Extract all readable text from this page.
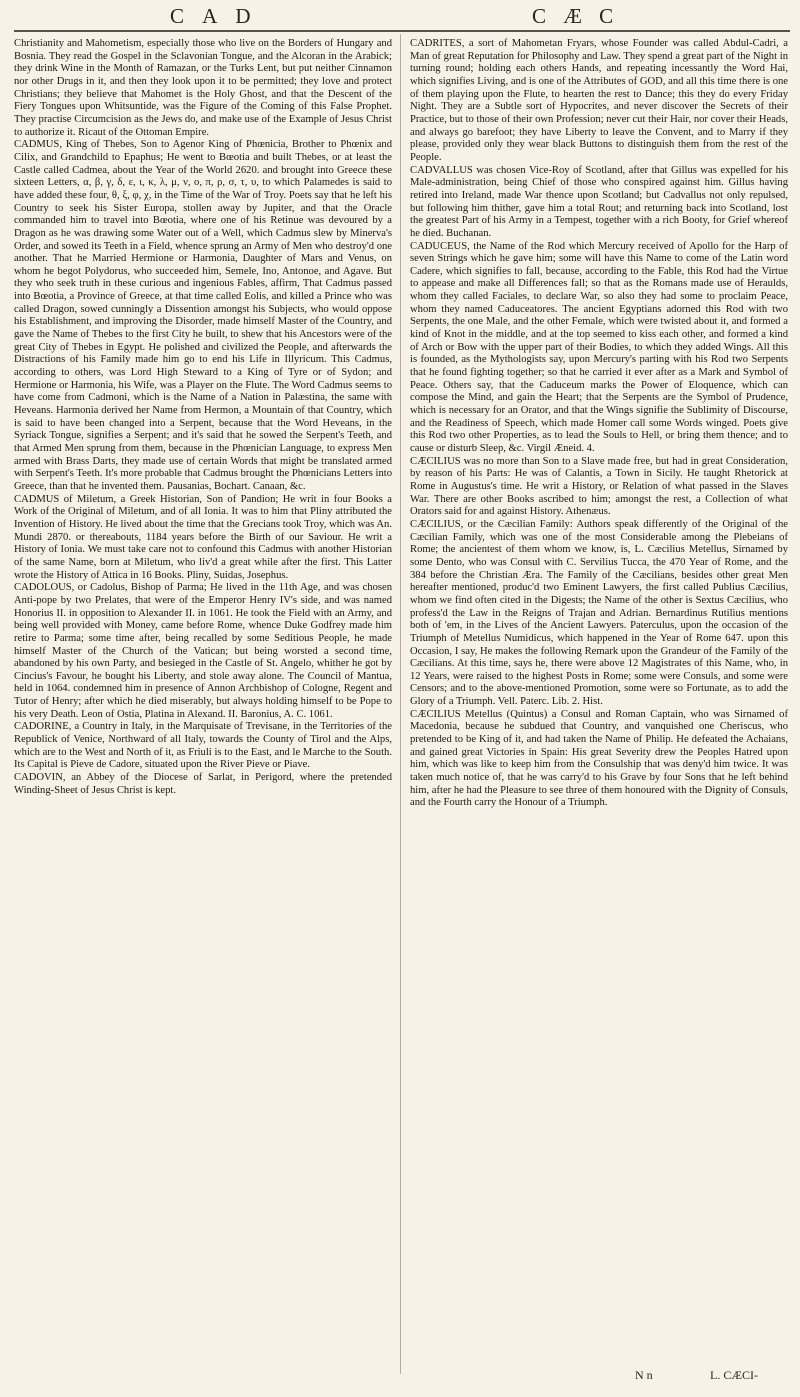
C A D	C Æ C

Christianity and Mahometism, especially those who live on the Borders of Hungary and Bosnia. They read the Gospel in the Sclavonian Tongue, and the Alcoran in the Arabick; they drink Wine in the Month of Ramazan, or the Turks Lent, but put neither Cinnamon nor other Drugs in it, and then they look upon it to be permitted; they love and protect Christians; they believe that Mahomet is the Holy Ghost, and that the Descent of the Fiery Tongues upon Whitsuntide, was the Figure of the Coming of this False Prophet. They practise Circumcision as the Jews do, and make use of the Example of Jesus Christ to authorize it. Ricaut of the Ottoman Empire.

CADMUS, King of Thebes, Son to Agenor King of Phœnicia, Brother to Phœnix and Cilix, and Grandchild to Epaphus; He went to Bœotia and built Thebes, or at least the Castle called Cadmea, about the Year of the World 2620. and brought into Greece these sixteen Letters, α, β, γ, δ, ε, ι, κ, λ, μ, ν, ο, π, ρ, σ, τ, υ, to which Palamedes is said to have added these four, θ, ξ, φ, χ, in the Time of the War of Troy. Poets say that he left his Country to seek his Sister Europa, stollen away by Jupiter, and that the Oracle commanded him to travel into Bœotia, where one of his Retinue was devoured by a Dragon as he was drawing some Water out of a Well, which Cadmus slew by Minerva's Order, and sowed its Teeth in a Field, whence sprung an Army of Men who destroy'd one another. That he Married Hermione or Harmonia, Daughter of Mars and Venus, on whom he begot Polydorus, who succeeded him, Semele, Ino, Antonoe, and Agave. But they who seek truth in these curious and ingenious Fables, affirm, That Cadmus passed into Bœotia, a Province of Greece, at that time called Eolis, and killed a Prince who was called Dragon, sowed cunningly a Dissention amongst his Subjects, who would oppose his Establishment, and improving the Disorder, made himself Master of the Country, and gave the Name of Thebes to the first City he built, to shew that his Ancestors were of the great City of Thebes in Egypt. He polished and civilized the People, and afterwards the Distractions of his Family made him go to end his Life in Illyricum. This Cadmus, according to others, was Lord High Steward to a King of Tyre or of Sydon; and Hermione or Harmonia, his Wife, was a Player on the Flute. The Word Cadmus seems to have come from Cadmoni, which is the Name of a Nation in Palæstina, the same with Heveans. Harmonia derived her Name from Hermon, a Mountain of that Country, which is said to have been changed into a Serpent, because that the Word Heveans, in the Syriack Tongue, signifies a Serpent; and it's said that he sowed the Serpent's Teeth, and that Armed Men sprung from them, because in the Phœnician Language, to express Men armed with Brass Darts, they made use of certain Words that might be translated armed with Serpent's Teeth. It's more probable that Cadmus brought the Phœnicians Letters into Greece, than that he invented them. Pausanias, Bochart. Canaan, &c.

CADMUS of Miletum, a Greek Historian, Son of Pandion; He writ in four Books a Work of the Original of Miletum, and of all Ionia. It was to him that Pliny attributed the Invention of History. He lived about the time that the Grecians took Troy, which was An. Mundi 2870. or thereabouts, 1184 years before the Birth of our Saviour. He writ a History of Ionia. We must take care not to confound this Cadmus with another Historian of the same Name, born at Miletum, who liv'd a great while after the first. This Latter wrote the History of Attica in 16 Books. Pliny, Suidas, Josephus.

CADOLOUS, or Cadolus, Bishop of Parma; He lived in the 11th Age, and was chosen Anti-pope by two Prelates, that were of the Emperor Henry IV's side, and was named Honorius II. in opposition to Alexander II. in 1061. He took the Field with an Army, and being well provided with Money, came before Rome, whence Duke Godfrey made him retire to Parma; some time after, being recalled by some Seditious People, he made himself Master of the Church of the Vatican; but being worsted a second time, abandoned by his own Party, and besieged in the Castle of St. Angelo, whither he got by Cincius's Favour, he bought his Liberty, and stole away alone. The Council of Mantua, held in 1064. condemned him in presence of Annon Archbishop of Cologne, Regent and Tutor of Henry; after which he died miserably, but always holding himself to be Pope to his very Death. Leon of Ostia, Platina in Alexand. II. Baronius, A. C. 1061.

CADORINE, a Country in Italy, in the Marquisate of Trevisane, in the Territories of the Republick of Venice, Northward of all Italy, towards the County of Tirol and the Alps, which are to the West and North of it, as Friuli is to the East, and le Marche to the South. Its Capital is Pieve de Cadore, situated upon the River Pieve or Piave.

CADOVIN, an Abbey of the Diocese of Sarlat, in Perigord, where the pretended Winding-Sheet of Jesus Christ is kept.

CADRITES, a sort of Mahometan Fryars, whose Founder was called Abdul-Cadri, a Man of great Reputation for Philosophy and Law. They spend a great part of the Night in turning round; holding each others Hands, and repeating incessantly the Word Hai, which signifies Living, and is one of the Attributes of GOD, and all this time there is one of them playing upon the Flute, to hearten the rest to Dance; this they do every Friday Night. They are a Subtle sort of Hypocrites, and never discover the Secrets of their Practice, but to those of their own Profession; never cut their Hair, nor cover their Heads, and always go barefoot; they have Liberty to leave the Convent, and to Marry if they please, provided only they wear black Buttons to distinguish them from the rest of the People.

CADVALLUS was chosen Vice-Roy of Scotland, after that Gillus was expelled for his Male-administration, being Chief of those who conspired against him. Gillus having retired into Ireland, made War thence upon Scotland; but Cadvallus not only repulsed, but following him thither, gave him a total Rout; and returning back into Scotland, lost the greatest Part of his Army in a Tempest, together with a rich Booty, for Grief whereof he died. Buchanan.

CADUCEUS, the Name of the Rod which Mercury received of Apollo for the Harp of seven Strings which he gave him; some will have this Name to come of the Latin word Cadere, which signifies to fall, because, according to the Fable, this Rod had the Virtue to appease and make all Differences fall; so that as the Romans made use of Heraulds, whom they called Faciales, to declare War, so also they had some to proclaim Peace, whom they named Caduceatores. The ancient Egyptians adorned this Rod with two Serpents, the one Male, and the other Female, which were twisted about it, and formed a kind of Knot in the middle, and at the top seemed to kiss each other, and formed a kind of Arch or Bow with the upper part of their Bodies, to which they added Wings. All this is founded, as the Mythologists say, upon Mercury's parting with his Rod two Serpents that he found fighting together; so that he carried it ever after as a Mark and Symbol of Peace. Others say, that the Caduceum marks the Power of Eloquence, which can compose the Mind, and gain the Heart; that the Serpents are the Symbol of Prudence, which is necessary for an Orator, and that the Wings signifie the Sublimity of Discourse, and the Readiness of Speech, which made Homer call some Words winged. Poets give this Rod two other Properties, as to lead the Souls to Hell, or bring them thence; and to cause or disturb Sleep, &c. Virgil Æneid. 4.

CÆCILIUS was no more than Son to a Slave made free, but had in great Consideration, by reason of his Parts: He was of Calantis, a Town in Sicily. He taught Rhetorick at Rome in Augustus's time. He writ a History, or Relation of what passed in the Slaves War. There are other Books ascribed to him; amongst the rest, a Collection of what Orators said for and against History. Athenæus.

CÆCILIUS, or the Cæcilian Family: Authors speak differently of the Original of the Cæcilian Family, which was one of the most Considerable among the Plebeians of Rome; the ancientest of them whom we know, is, L. Cæcilius Metellus, Sirnamed by some Dento, who was Consul with C. Servilius Tucca, the 470 Year of Rome, and the 384 before the Christian Æra. The Family of the Cæcilians, besides other great Men hereafter mentioned, produc'd two Eminent Lawyers, the first called Publius Cæcilius, whom we find often cited in the Digests; the Name of the other is Sextus Cæcilius, who profess'd the Law in the Reigns of Trajan and Adrian. Bernardinus Rutilius mentions both of 'em, in the Lives of the Ancient Lawyers. Paterculus, upon the occasion of the Triumph of Metellus Numidicus, which happened in the Year of Rome 647. upon this Occasion, I say, He makes the following Remark upon the Grandeur of the Family of the Cæcilians. At this time, says he, there were above 12 Magistrates of this Name, who, in 12 Years, were raised to the highest Posts in Rome; some were Consuls, and some were Censors; and to the above-mentioned Promotion, some were so Fortunate, as to add the Glory of a Triumph. Vell. Paterc. Lib. 2. Hist.

CÆCILIUS Metellus (Quintus) a Consul and Roman Captain, who was Sirnamed of Macedonia, because he subdued that Country, and vanquished one Cheriscus, who pretended to be King of it, and had taken the Name of Philip. He defeated the Achaians, and gained great Victories in Spain: His great Severity drew the Peoples Hatred upon him, which was like to keep him from the Consulship that was deny'd him twice. It was taken much notice of, that he was carry'd to his Grave by four Sons that he left behind him, after he had the Pleasure to see three of them honoured with the Dignity of Consuls, and the Fourth carry the Honour of a Triumph.

N n	L. CÆCI-
